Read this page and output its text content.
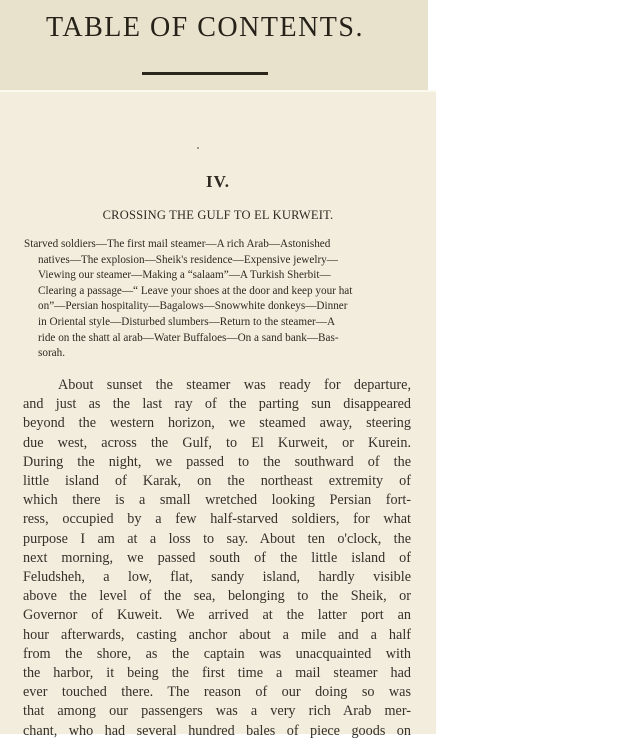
TABLE OF CONTENTS.
IV.
CROSSING THE GULF TO EL KURWEIT.
Starved soldiers—The first mail steamer—A rich Arab—Astonished
natives—The explosion—Sheik's residence—Expensive jewelry—
Viewing our steamer—Making a “salaam”—A Turkish Sherbit—
Clearing a passage—“ Leave your shoes at the door and keep your hat
on”—Persian hospitality—Bagalows—Snowwhite donkeys—Dinner
in Oriental style—Disturbed slumbers—Return to the steamer—A
ride on the shatt al arab—Water Buffaloes—On a sand bank—Bas-
sorah.
About sunset the steamer was ready for departure,
and just as the last ray of the parting sun disappeared
beyond the western horizon, we steamed away, steering
due west, across the Gulf, to El Kurweit, or Kurein.
During the night, we passed to the southward of the
little island of Karak, on the northeast extremity of
which there is a small wretched looking Persian fort-
ress, occupied by a few half-starved soldiers, for what
purpose I am at a loss to say. About ten o'clock, the
next morning, we passed south of the little island of
Feludsheh, a low, flat, sandy island, hardly visible
above the level of the sea, belonging to the Sheik, or
Governor of Kuweit. We arrived at the latter port an
hour afterwards, casting anchor about a mile and a half
from the shore, as the captain was unacquainted with
the harbor, it being the first time a mail steamer had
ever touched there. The reason of our doing so was
that among our passengers was a very rich Arab mer-
chant, who had several hundred bales of piece goods on
